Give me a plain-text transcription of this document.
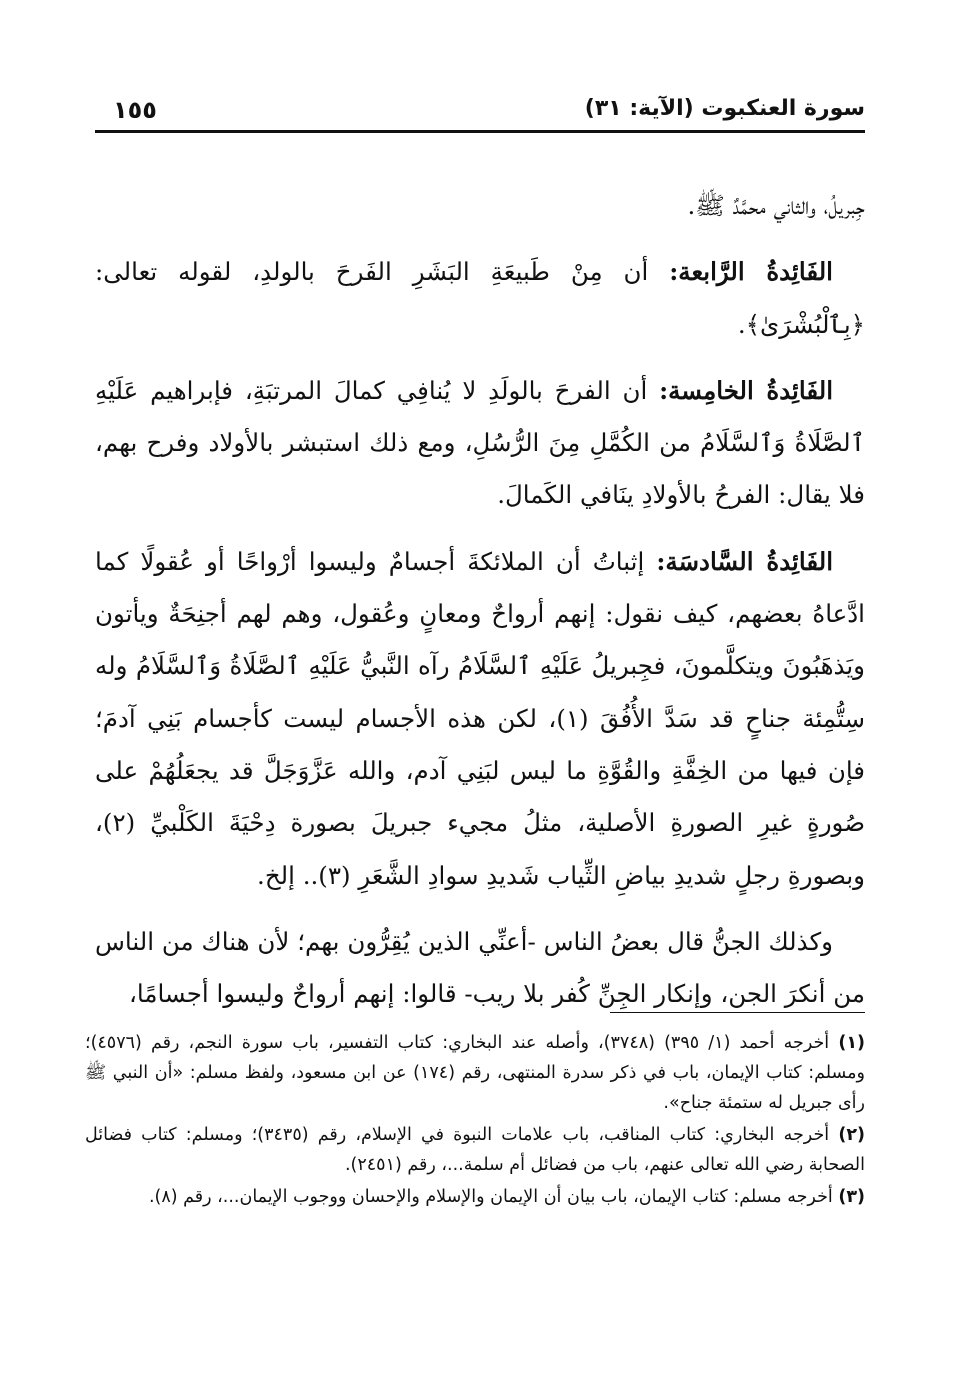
سورة العنكبوت (الآية: ٣١)
١٥٥

جِبريلُ، والثاني محمَّدٌ ﷺ.

الفَائِدةُ الرَّابعة: أن مِنْ طَبيعَةِ البَشَرِ الفَرحَ بالولدِ، لقوله تعالى: ﴿بِٱلْبُشْرَىٰ﴾.

الفَائِدةُ الخامِسة: أن الفرحَ بالولَدِ لا يُنافِي كمالَ المرتبَةِ، فإبراهيم عَلَيْهِ ٱلصَّلَاةُ وَٱلسَّلَامُ من الكُمَّلِ مِنَ الرُّسُلِ، ومع ذلك استبشر بالأولاد وفرح بهم، فلا يقال: الفرحُ بالأولادِ ينَافي الكَمالَ.

الفَائِدةُ السَّادسَة: إثباتُ أن الملائكةَ أجسامٌ وليسوا أرْواحًا أو عُقولًا كما ادَّعاهُ بعضهم، كيف نقول: إنهم أرواحٌ ومعانٍ وعُقول، وهم لهم أجنِحَةٌ ويأتون ويَذهَبُونَ ويتكلَّمونَ، فجِبريلُ عَلَيْهِ ٱلسَّلَامُ رآه النَّبيُّ عَلَيْهِ ٱلصَّلَاةُ وَٱلسَّلَامُ وله سِتُّمِئة جناحٍ قد سَدَّ الأُفُقَ (١)، لكن هذه الأجسام ليست كأجسام بَنِي آدمَ؛ فإن فيها من الخِفَّةِ والقُوَّةِ ما ليس لبَنِي آدم، والله عَزَّوَجَلَّ قد يجعَلُهُمْ على صُورةٍ غيرِ الصورةِ الأصلية، مثلُ مجيء جبريلَ بصورة دِحْيَةَ الكَلْبيِّ (٢)، وبصورةِ رجلٍ شديدِ بياضِ الثِّياب شَديدِ سوادِ الشَّعَرِ (٣).. إلخ.

وكذلك الجنُّ قال بعضُ الناس -أعنِّي الذين يُقِرُّون بهم؛ لأن هناك من الناس من أنكرَ الجن، وإنكار الجِنِّ كُفر بلا ريب- قالوا: إنهم أرواحٌ وليسوا أجسامًا،

(١) أخرجه أحمد (١/ ٣٩٥) (٣٧٤٨)، وأصله عند البخاري: كتاب التفسير، باب سورة النجم، رقم (٤٥٧٦)؛ ومسلم: كتاب الإيمان، باب في ذكر سدرة المنتهى، رقم (١٧٤) عن ابن مسعود، ولفظ مسلم: «أن النبي ﷺ رأى جبريل له ستمئة جناح».
(٢) أخرجه البخاري: كتاب المناقب، باب علامات النبوة في الإسلام، رقم (٣٤٣٥)؛ ومسلم: كتاب فضائل الصحابة رضي الله تعالى عنهم، باب من فضائل أم سلمة...، رقم (٢٤٥١).
(٣) أخرجه مسلم: كتاب الإيمان، باب بيان أن الإيمان والإسلام والإحسان ووجوب الإيمان...، رقم (٨).
